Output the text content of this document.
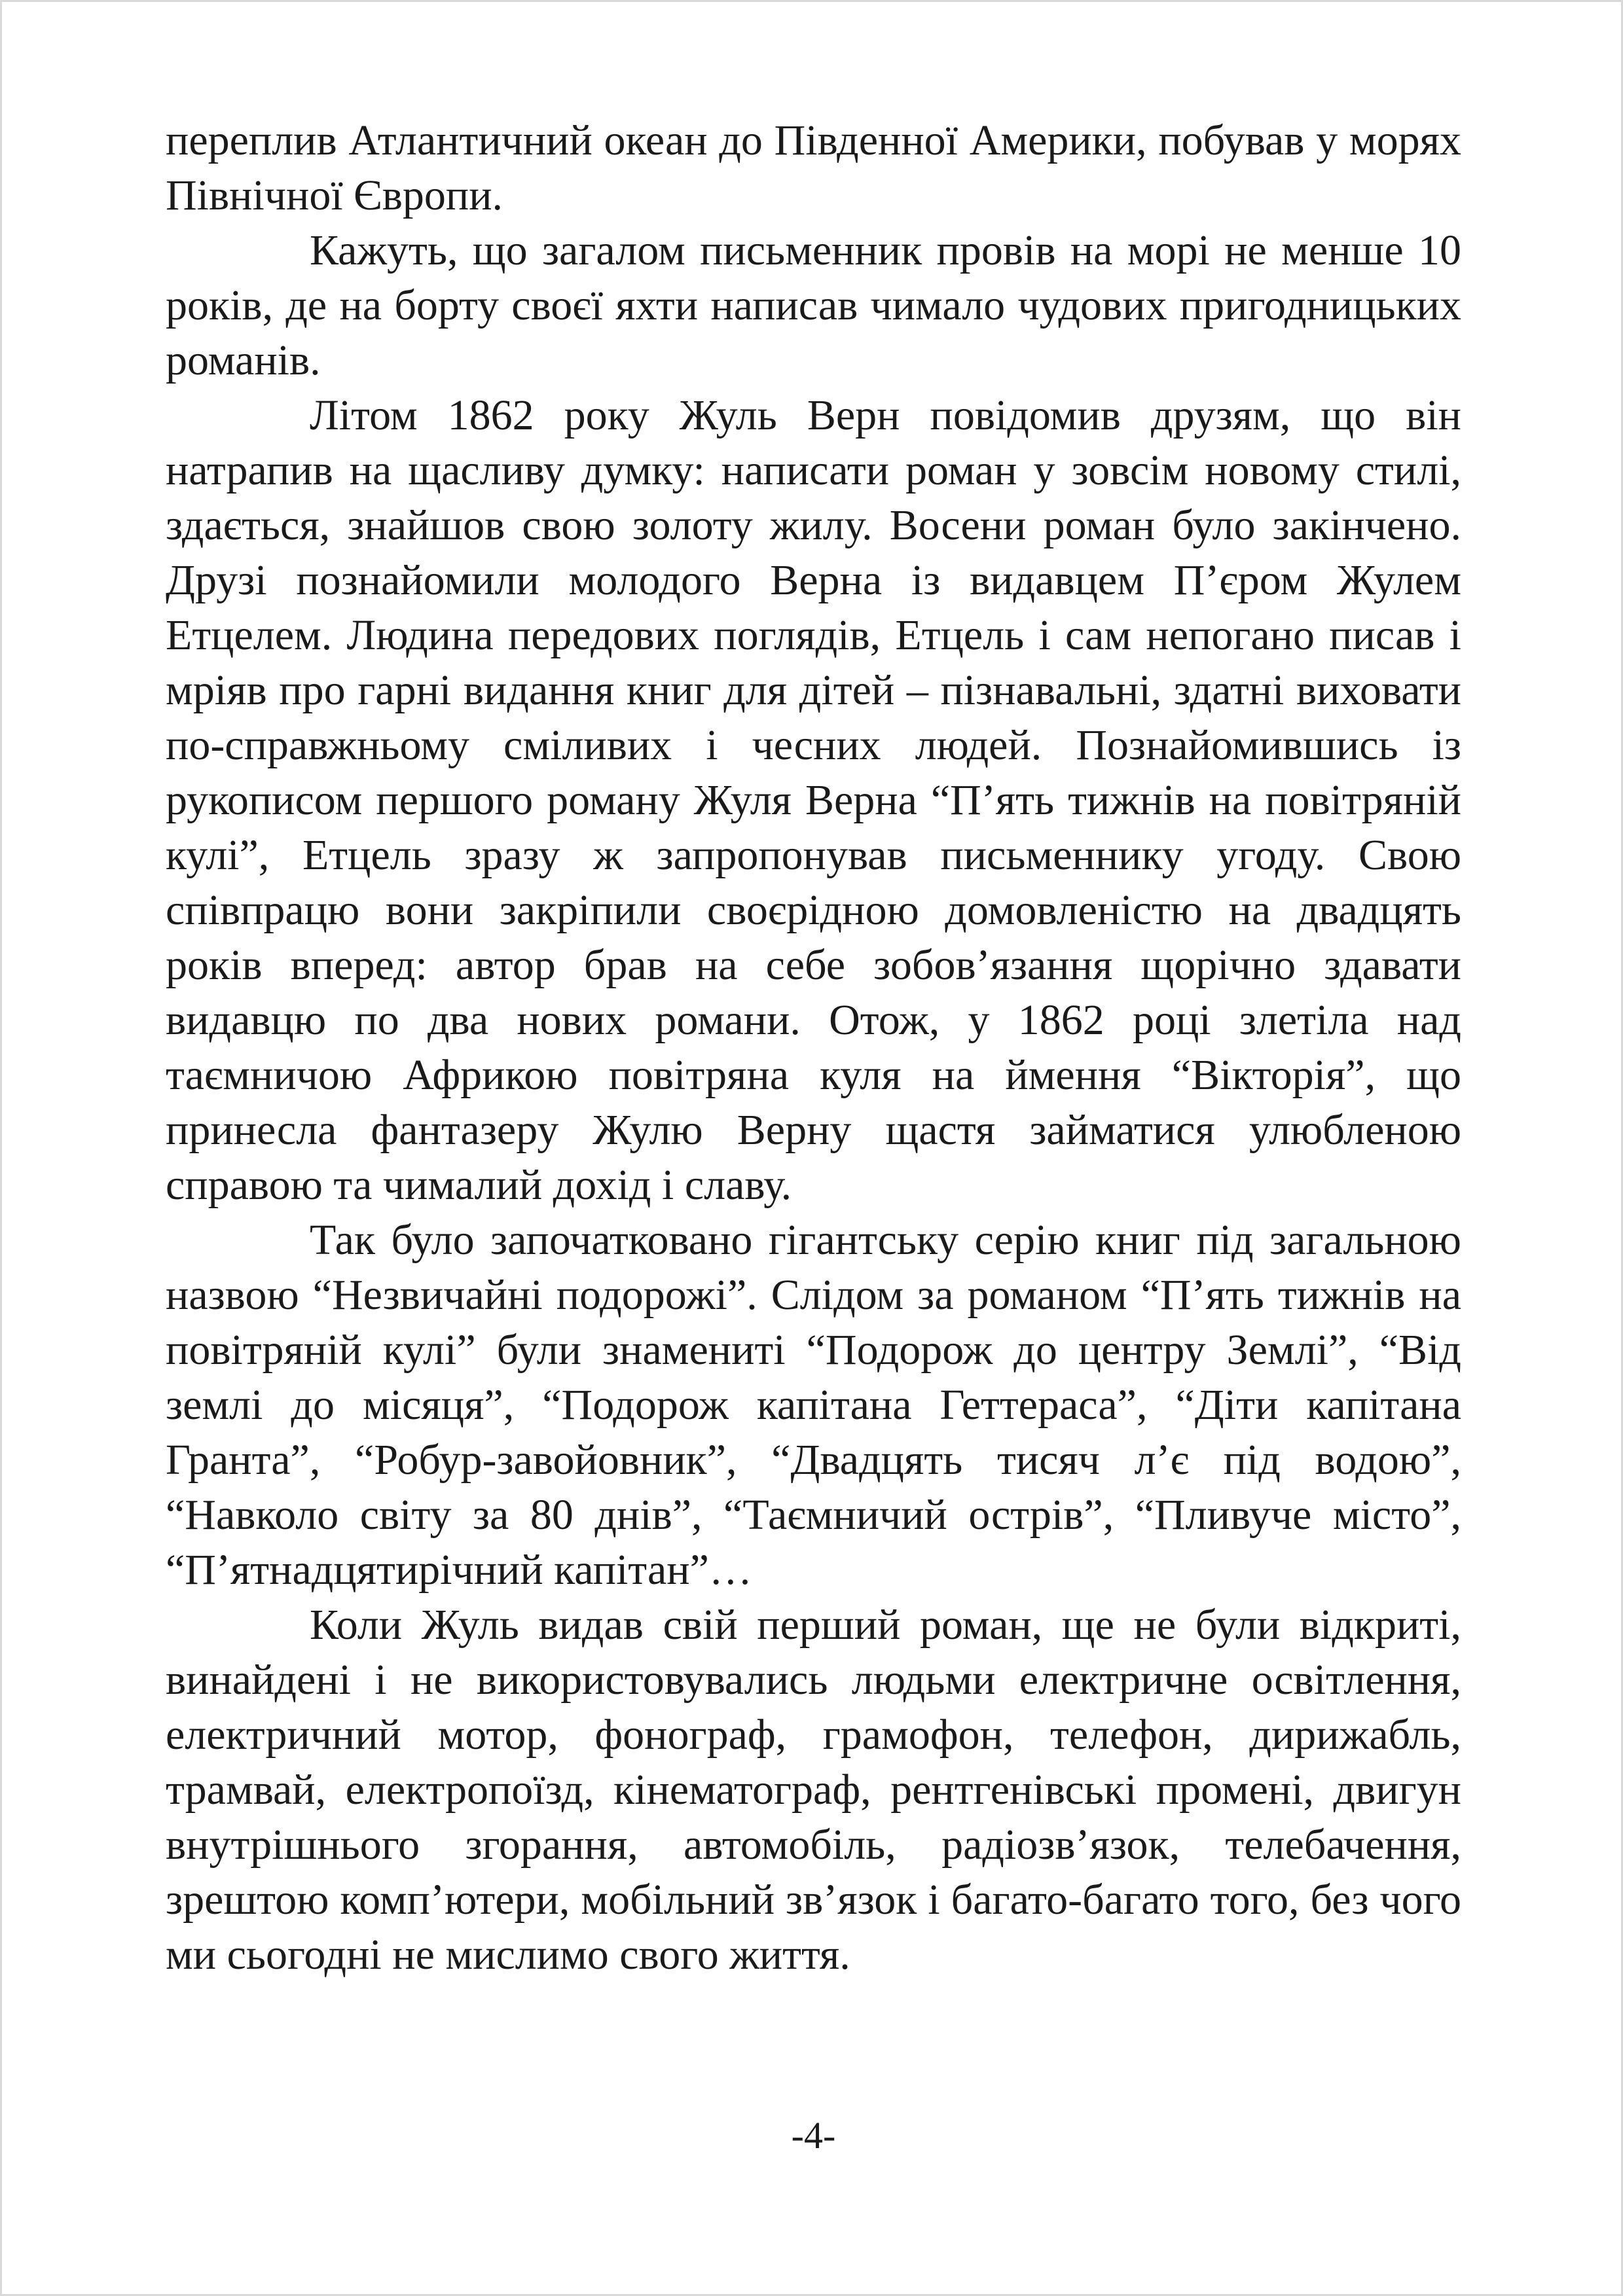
переплив Атлантичний океан до Південної Америки, побував у морях Північної Європи.

Кажуть, що загалом письменник провів на морі не менше 10 років, де на борту своєї яхти написав чимало чудових пригодницьких романів.

Літом 1862 року Жуль Верн повідомив друзям, що він натрапив на щасливу думку: написати роман у зовсім новому стилі, здається, знайшов свою золоту жилу. Восени роман було закінчено. Друзі познайомили молодого Верна із видавцем П’єром Жулем Етцелем. Людина передових поглядів, Етцель і сам непогано писав і мріяв про гарні видання книг для дітей – пізнавальні, здатні виховати по-справжньому сміливих і чесних людей. Познайомившись із рукописом першого роману Жуля Верна “П’ять тижнів на повітряній кулі”, Етцель зразу ж запропонував письменнику угоду. Свою співпрацю вони закріпили своєрідною домовленістю на двадцять років вперед: автор брав на себе зобов’язання щорічно здавати видавцю по два нових романи. Отож, у 1862 році злетіла над таємничою Африкою повітряна куля на ймення “Вікторія”, що принесла фантазеру Жулю Верну щастя займатися улюбленою справою та чималий дохід і славу.

Так було започатковано гігантську серію книг під загальною назвою “Незвичайні подорожі”. Слідом за романом “П’ять тижнів на повітряній кулі” були знамениті “Подорож до центру Землі”, “Від землі до місяця”, “Подорож капітана Геттераса”, “Діти капітана Гранта”, “Робур-завойовник”, “Двадцять тисяч л’є під водою”, “Навколо світу за 80 днів”, “Таємничий острів”, “Пливуче місто”, “П’ятнадцятирічний капітан”…

Коли Жуль видав свій перший роман, ще не були відкриті, винайдені і не використовувались людьми електричне освітлення, електричний мотор, фонограф, грамофон, телефон, дирижабль, трамвай, електропоїзд, кінематограф, рентгенівські промені, двигун внутрішнього згорання, автомобіль, радіозв’язок, телебачення, зрештою комп’ютери, мобільний зв’язок і багато-багато того, без чого ми сьогодні не мислимо свого життя.

-4-
